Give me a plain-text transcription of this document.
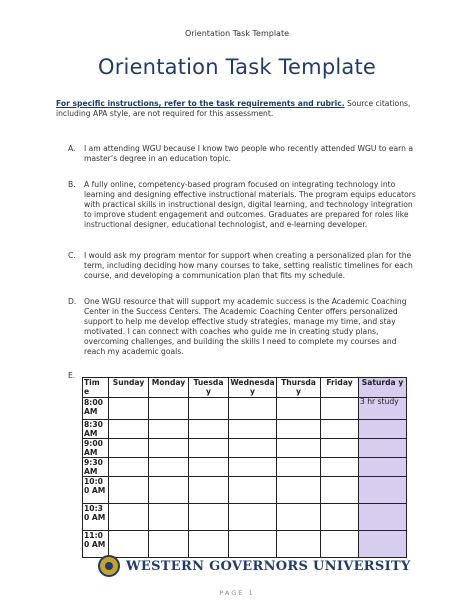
Orientation Task Template
Orientation Task Template
For specific instructions, refer to the task requirements and rubric. Source citations, including APA style, are not required for this assessment.
A. I am attending WGU because I know two people who recently attended WGU to earn a master’s degree in an education topic.
B. A fully online, competency-based program focused on integrating technology into learning and designing effective instructional materials. The program equips educators with practical skills in instructional design, digital learning, and technology integration to improve student engagement and outcomes. Graduates are prepared for roles like instructional designer, educational technologist, and e-learning developer.
C. I would ask my program mentor for support when creating a personalized plan for the term, including deciding how many courses to take, setting realistic timelines for each course, and developing a communication plan that fits my schedule.
D. One WGU resource that will support my academic success is the Academic Coaching Center in the Success Centers. The Academic Coaching Center offers personalized support to help me develop effective study strategies, manage my time, and stay motivated. I can connect with coaches who guide me in creating study plans, overcoming challenges, and building the skills I need to complete my courses and reach my academic goals.
E.
Tim e	Sunday	Monday	Tuesda y	Wednesda y	Thursda y	Friday	Saturda y
8:00 AM							3 hr study
8:30 AM							
9:00 AM							
9:30 AM							
10:0 0 AM							
10:3 0 AM							
11:0 0 AM							
WESTERN GOVERNORS UNIVERSITY
PAGE 1
